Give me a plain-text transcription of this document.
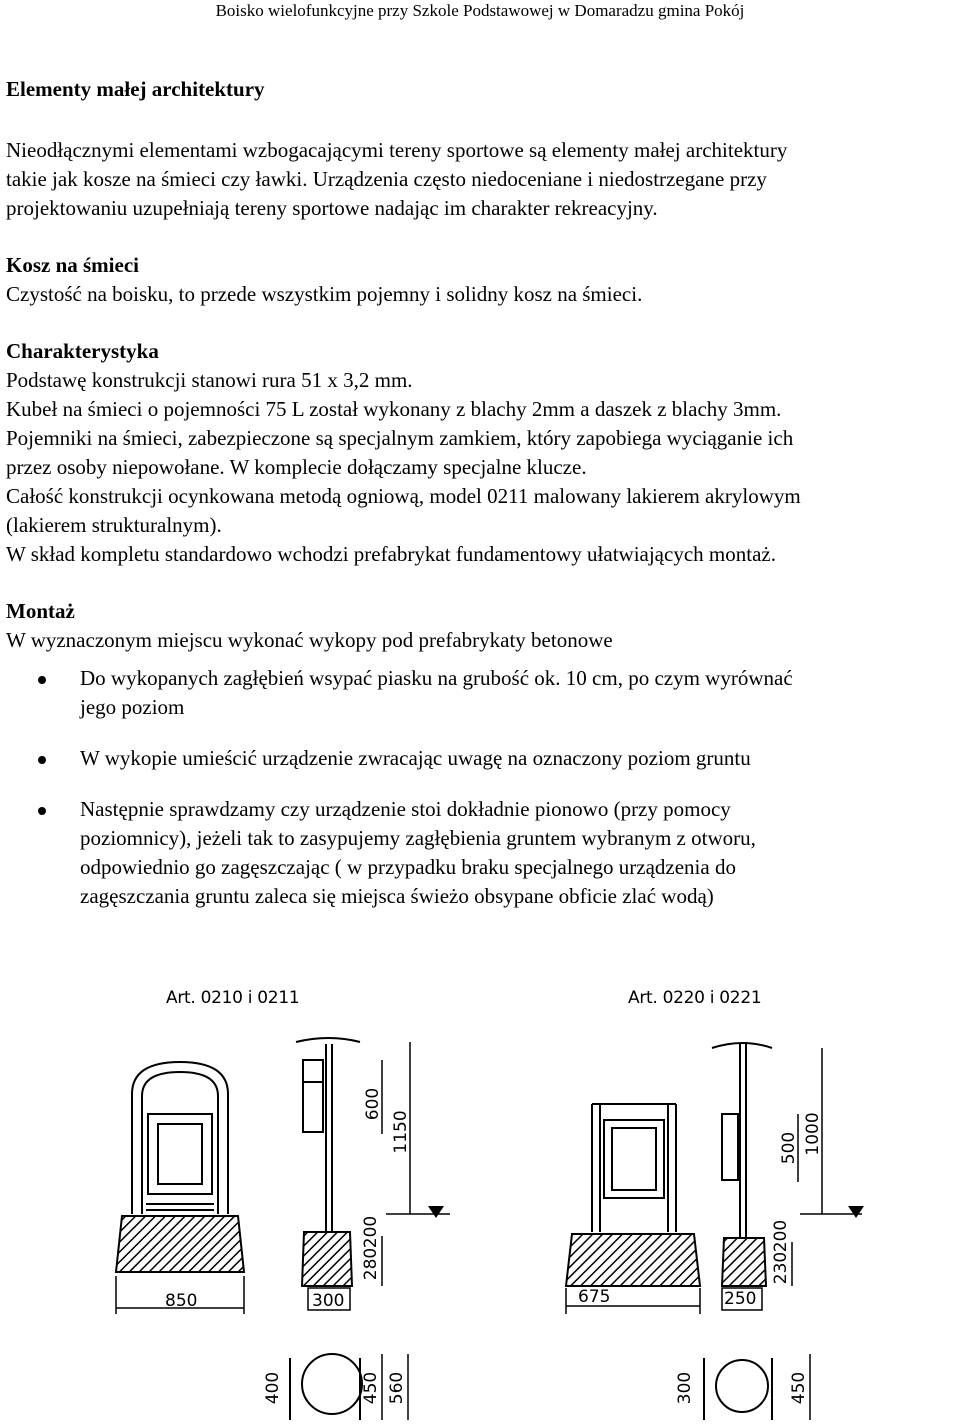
Boisko wielofunkcyjne przy Szkole Podstawowej w Domaradzu gmina Pokój
Elementy małej architektury
Nieodłącznymi elementami wzbogacającymi tereny sportowe są elementy małej architektury
takie jak kosze na śmieci czy ławki. Urządzenia często niedoceniane i niedostrzegane przy
projektowaniu uzupełniają tereny sportowe nadając im charakter rekreacyjny.
Kosz na śmieci
Czystość na boisku, to przede wszystkim pojemny i solidny kosz na śmieci.
Charakterystyka
Podstawę konstrukcji stanowi rura 51 x 3,2 mm.
Kubeł na śmieci o pojemności 75 L został wykonany z blachy 2mm a daszek z blachy 3mm.
Pojemniki na śmieci, zabezpieczone są specjalnym zamkiem, który zapobiega wyciąganie ich
przez osoby niepowołane. W komplecie dołączamy specjalne klucze.
Całość konstrukcji ocynkowana metodą ogniową, model 0211 malowany lakierem akrylowym
(lakierem strukturalnym).
W skład kompletu standardowo wchodzi prefabrykat fundamentowy ułatwiających montaż.
Montaż
W wyznaczonym miejscu wykonać wykopy pod prefabrykaty betonowe
Do wykopanych zagłębień wsypać piasku na grubość ok. 10 cm, po czym wyrównać
jego poziom
W wykopie umieścić urządzenie zwracając uwagę na oznaczony poziom gruntu
Następnie sprawdzamy czy urządzenie stoi dokładnie pionowo (przy pomocy
poziomnicy), jeżeli tak to zasypujemy zagłębienia gruntem wybranym z otworu,
odpowiednio go zagęszczając ( w przypadku braku specjalnego urządzenia do
zagęszczania gruntu zaleca się miejsca świeżo obsypane obficie zlać wodą)
Art. 0210 i 0211	Art. 0220 i 0221
850	300
600
1150
280
200
400	450 560
675	250
500 1000
230
200
300	450
